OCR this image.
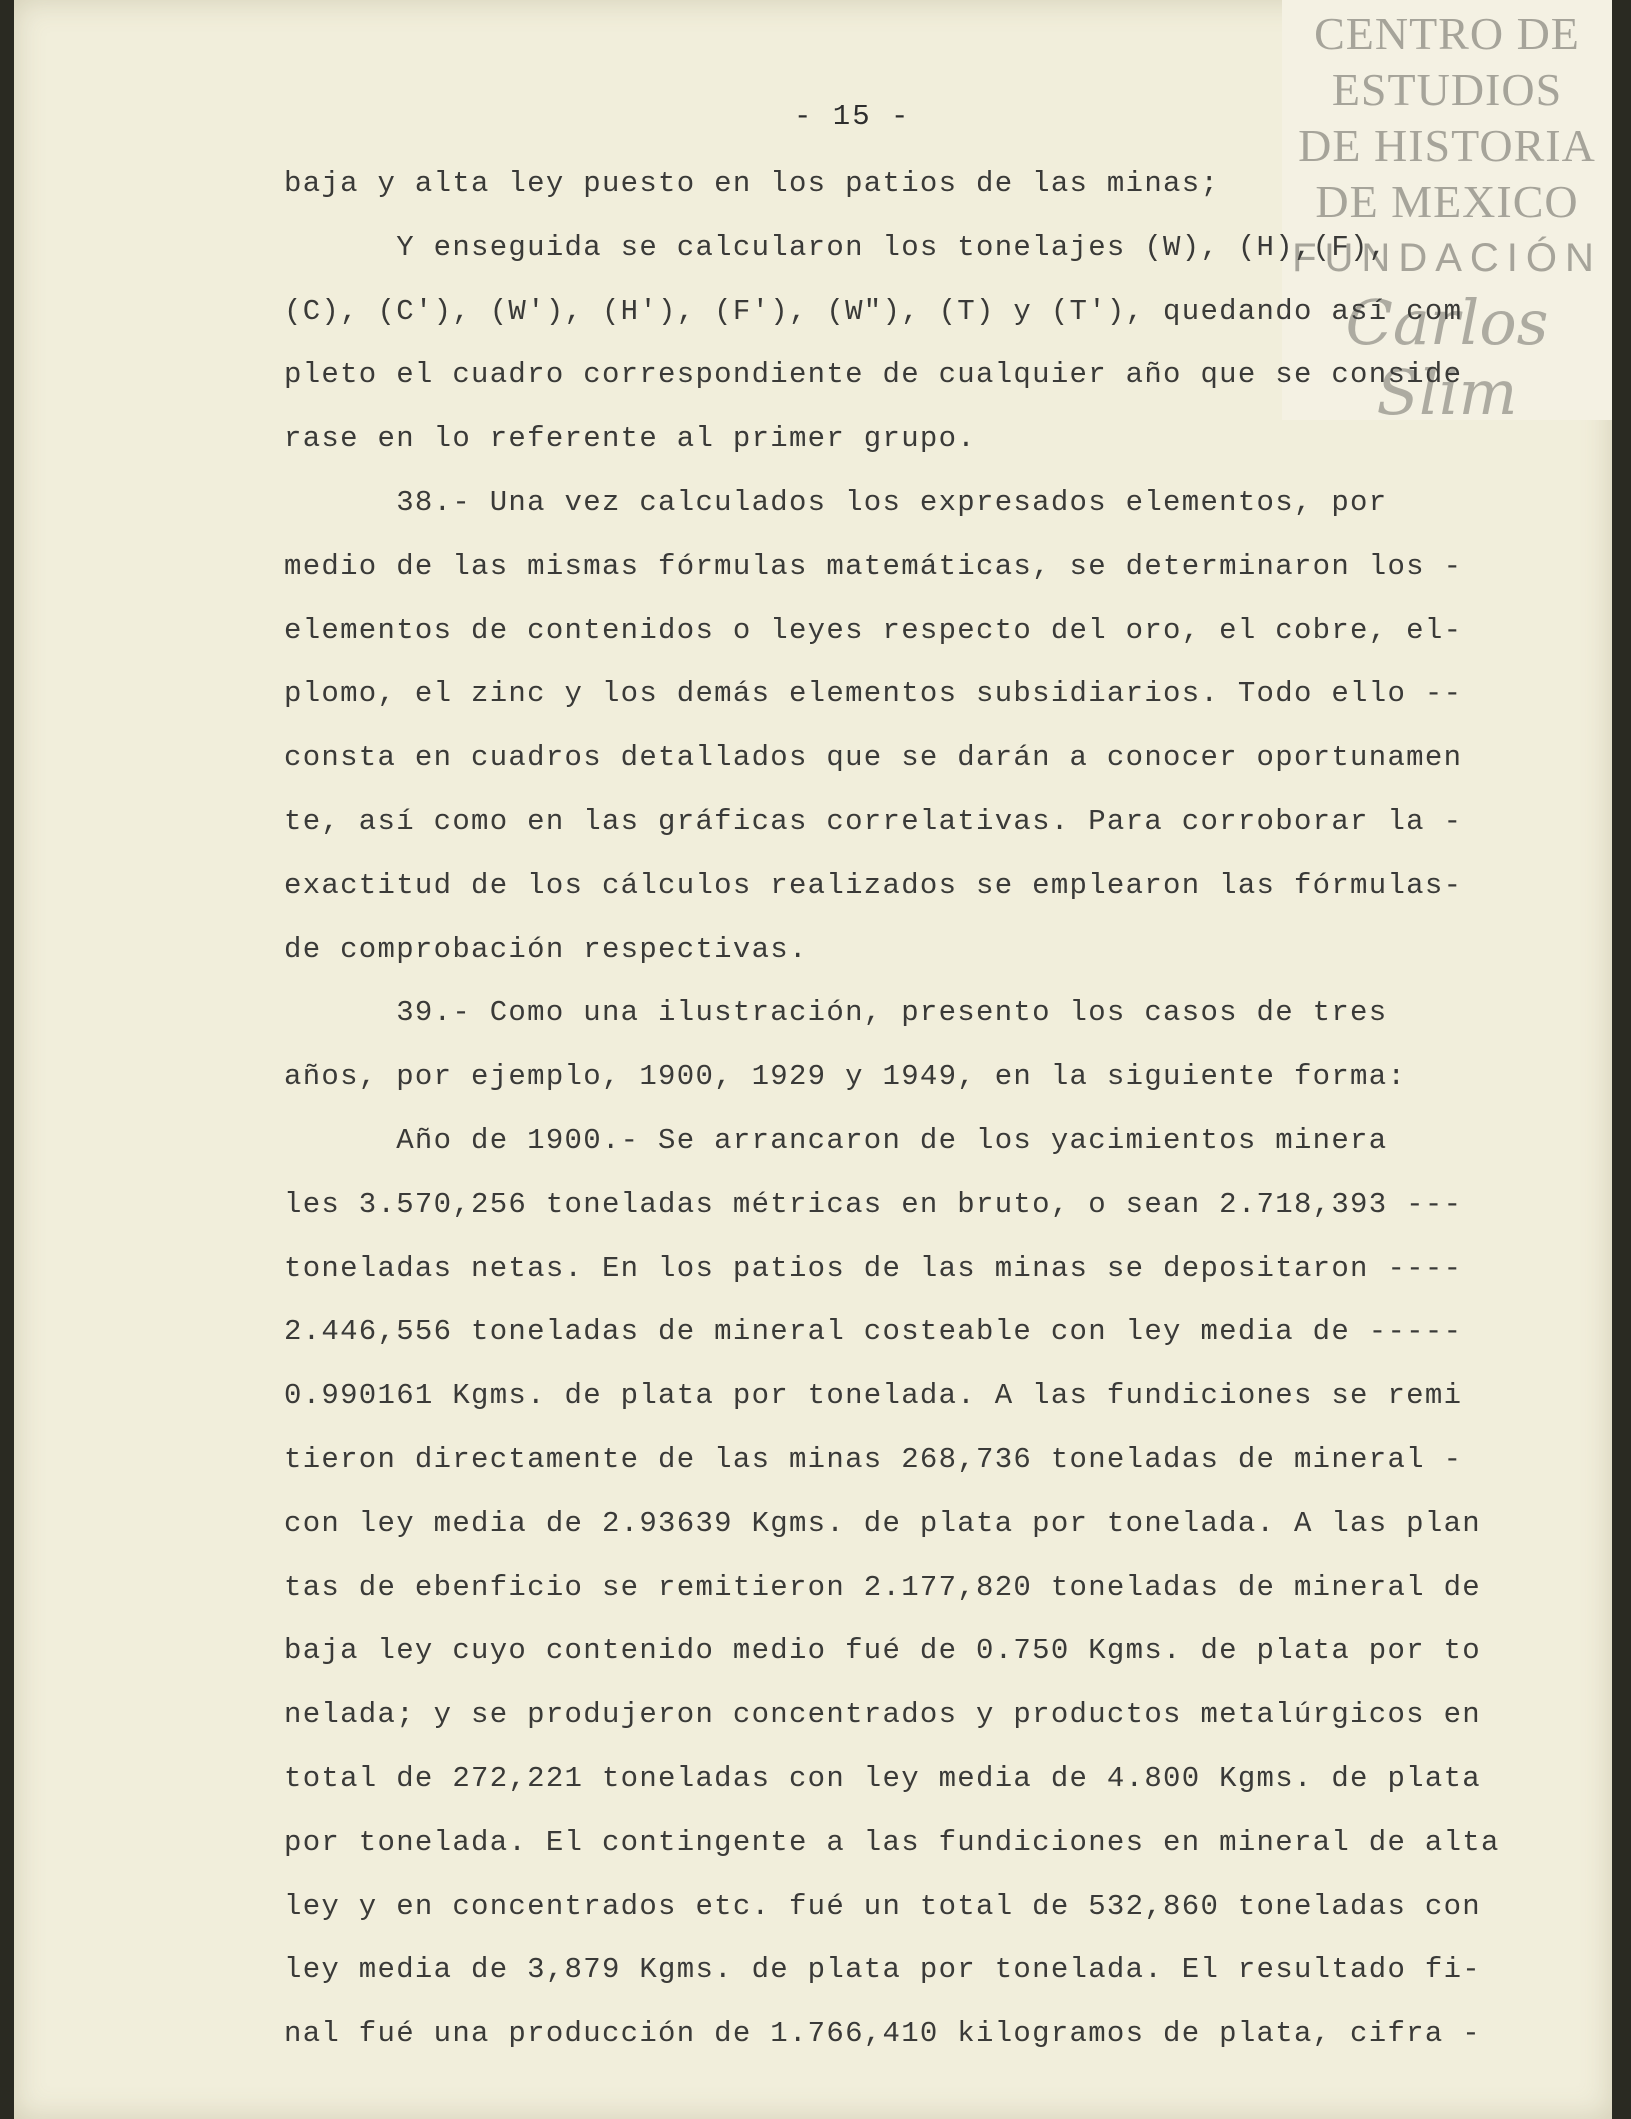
CENTRO DE
ESTUDIOS
DE HISTORIA
DE MEXICO
FUNDACIÓN
Carlos Slim
- 15 -
baja y alta ley puesto en los patios de las minas;
Y enseguida se calcularon los tonelajes (W), (H),(F),
(C), (C'), (W'), (H'), (F'), (W"), (T) y (T'), quedando así com
pleto el cuadro correspondiente de cualquier año que se conside
rase en lo referente al primer grupo.
38.- Una vez calculados los expresados elementos, por
medio de las mismas fórmulas matemáticas, se determinaron los -
elementos de contenidos o leyes respecto del oro, el cobre, el-
plomo, el zinc y los demás elementos subsidiarios. Todo ello --
consta en cuadros detallados que se darán a conocer oportunamen
te, así como en las gráficas correlativas. Para corroborar la -
exactitud de los cálculos realizados se emplearon las fórmulas-
de comprobación respectivas.
39.- Como una ilustración, presento los casos de tres
años, por ejemplo, 1900, 1929 y 1949, en la siguiente forma:
Año de 1900.- Se arrancaron de los yacimientos minera
les 3.570,256 toneladas métricas en bruto, o sean 2.718,393 ---
toneladas netas. En los patios de las minas se depositaron ----
2.446,556 toneladas de mineral costeable con ley media de -----
0.990161 Kgms. de plata por tonelada. A las fundiciones se remi
tieron directamente de las minas 268,736 toneladas de mineral -
con ley media de 2.93639 Kgms. de plata por tonelada. A las plan
tas de ebenficio se remitieron 2.177,820 toneladas de mineral de
baja ley cuyo contenido medio fué de 0.750 Kgms. de plata por to
nelada; y se produjeron concentrados y productos metalúrgicos en
total de 272,221 toneladas con ley media de 4.800 Kgms. de plata
por tonelada. El contingente a las fundiciones en mineral de alta
ley y en concentrados etc. fué un total de 532,860 toneladas con
ley media de 3,879 Kgms. de plata por tonelada. El resultado fi-
nal fué una producción de 1.766,410 kilogramos de plata, cifra -
